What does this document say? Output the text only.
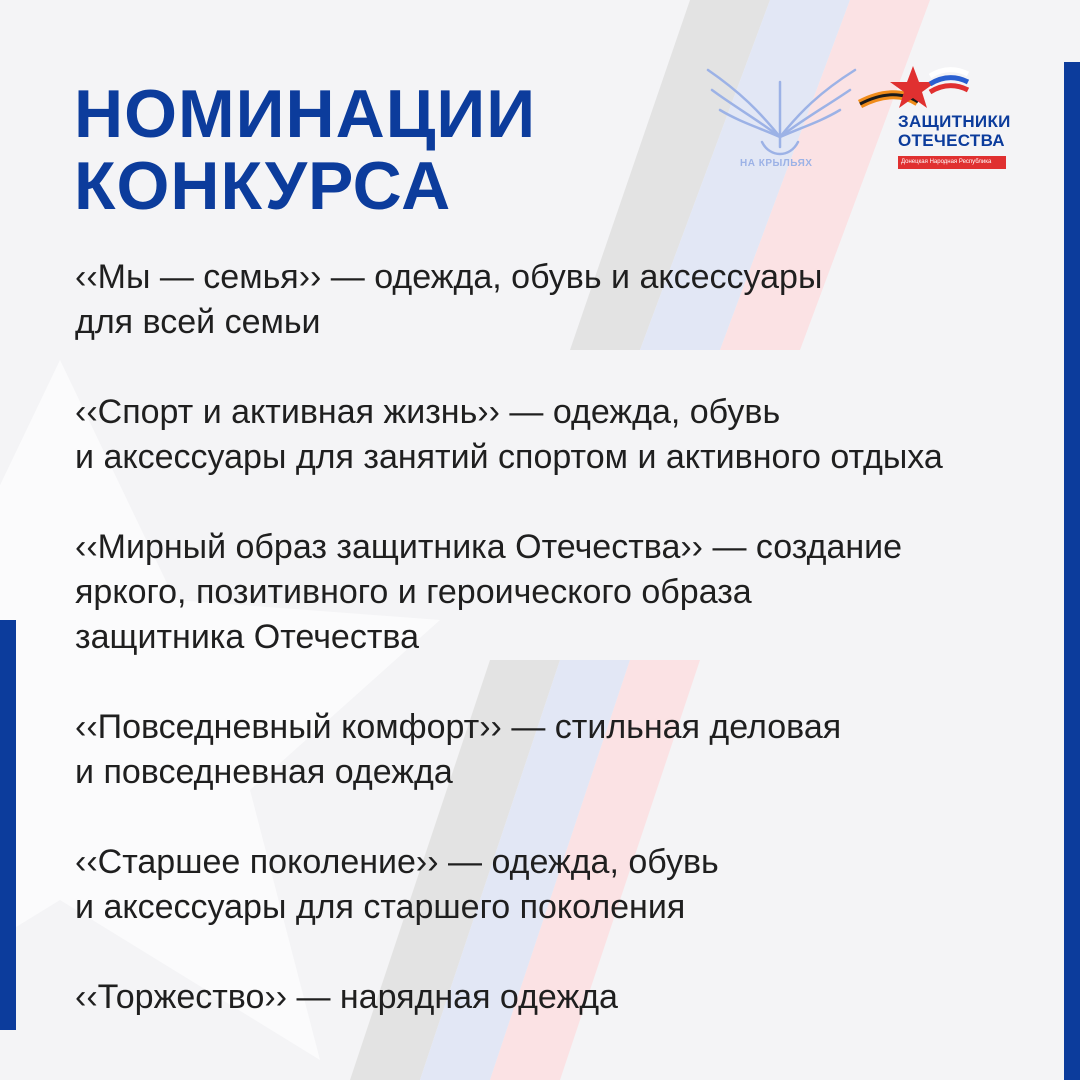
НОМИНАЦИИ
КОНКУРСА	НА КРЫЛЬЯХ
ЗАЩИТНИКИ
ОТЕЧЕСТВА
Донецкая Народная Республика
‹‹Мы — семья›› — одежда, обувь и аксессуары
для всей семьи
‹‹Спорт и активная жизнь›› — одежда, обувь
и аксессуары для занятий спортом и активного отдыха
‹‹Мирный образ защитника Отечества›› — создание
яркого, позитивного и героического образа
защитника Отечества
‹‹Повседневный комфорт›› — стильная деловая
и повседневная одежда
‹‹Старшее поколение›› — одежда, обувь
и аксессуары для старшего поколения
‹‹Торжество›› — нарядная одежда
